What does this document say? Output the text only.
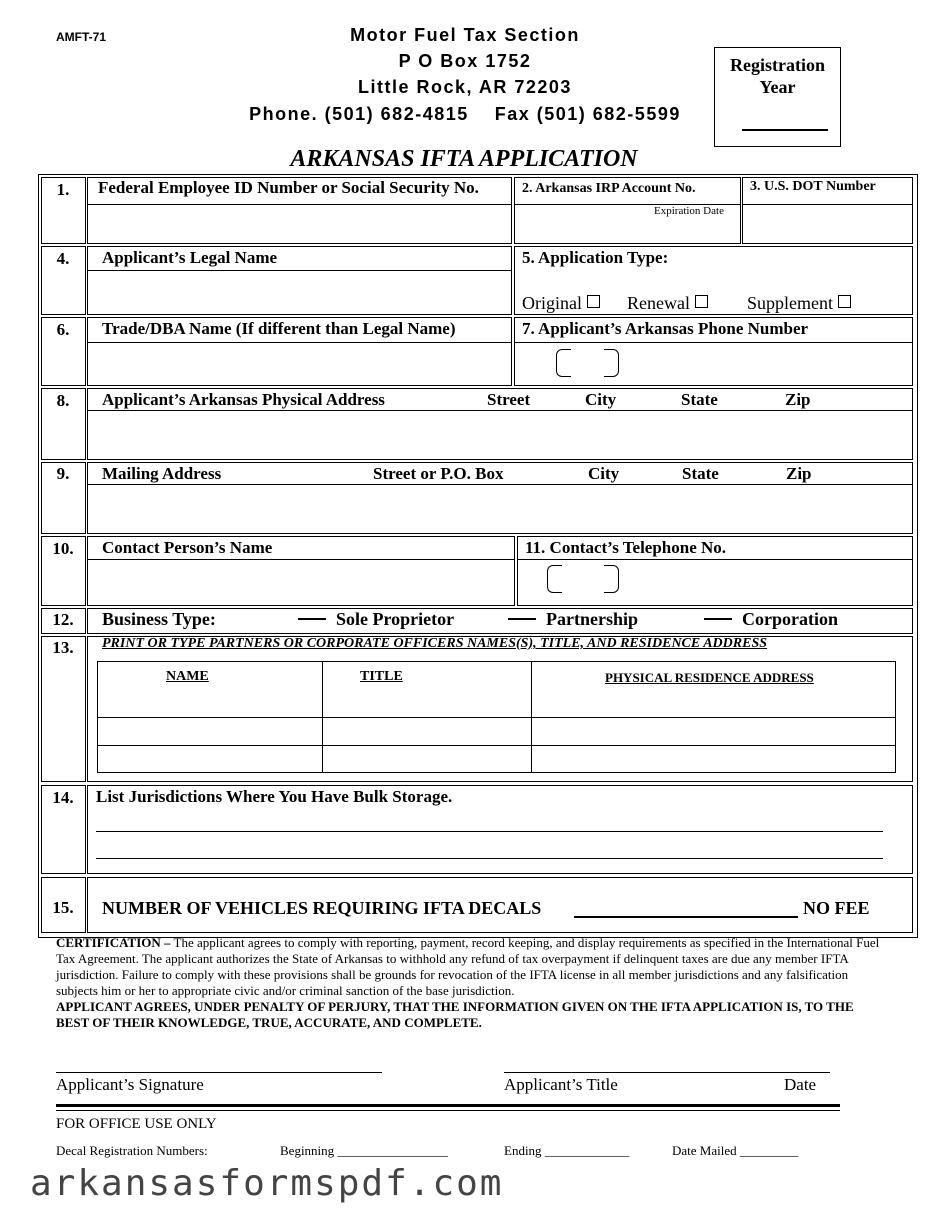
AMFT-71	Motor Fuel Tax Section
P O Box 1752
Little Rock, AR 72203
Phone. (501) 682-4815    Fax (501) 682-5599
Registration
Year
ARKANSAS IFTA APPLICATION
1.	Federal Employee ID Number or Social Security No.	2. Arkansas IRP Account No.
Expiration Date
3. U.S. DOT Number
4.	Applicant’s Legal Name	5. Application Type:
Original	Renewal	Supplement
6.	Trade/DBA Name (If different than Legal Name)	7. Applicant’s Arkansas Phone Number
8.	Applicant’s Arkansas Physical Address	Street	City	State	Zip
9.	Mailing Address	Street or P.O. Box	City	State	Zip
10.	Contact Person’s Name	11. Contact’s Telephone No.
12.	Business Type:	Sole Proprietor	Partnership	Corporation
13.	PRINT OR TYPE PARTNERS OR CORPORATE OFFICERS NAMES(S), TITLE, AND RESIDENCE ADDRESS
NAME	TITLE	PHYSICAL RESIDENCE ADDRESS
14.	List Jurisdictions Where You Have Bulk Storage.
15.	NUMBER OF VEHICLES REQUIRING IFTA DECALS	NO FEE
CERTIFICATION – The applicant agrees to comply with reporting, payment, record keeping, and display requirements as specified in the International Fuel Tax Agreement. The applicant authorizes the State of Arkansas to withhold any refund of tax overpayment if delinquent taxes are due any member IFTA jurisdiction. Failure to comply with these provisions shall be grounds for revocation of the IFTA license in all member jurisdictions and any falsification subjects him or her to appropriate civic and/or criminal sanction of the base jurisdiction.
APPLICANT AGREES, UNDER PENALTY OF PERJURY, THAT THE INFORMATION GIVEN ON THE IFTA APPLICATION IS, TO THE BEST OF THEIR KNOWLEDGE, TRUE, ACCURATE, AND COMPLETE.
Applicant’s Signature	Applicant’s Title	Date
FOR OFFICE USE ONLY
Decal Registration Numbers:	Beginning _________________	Ending _____________	Date Mailed _________
arkansasformspdf.com
